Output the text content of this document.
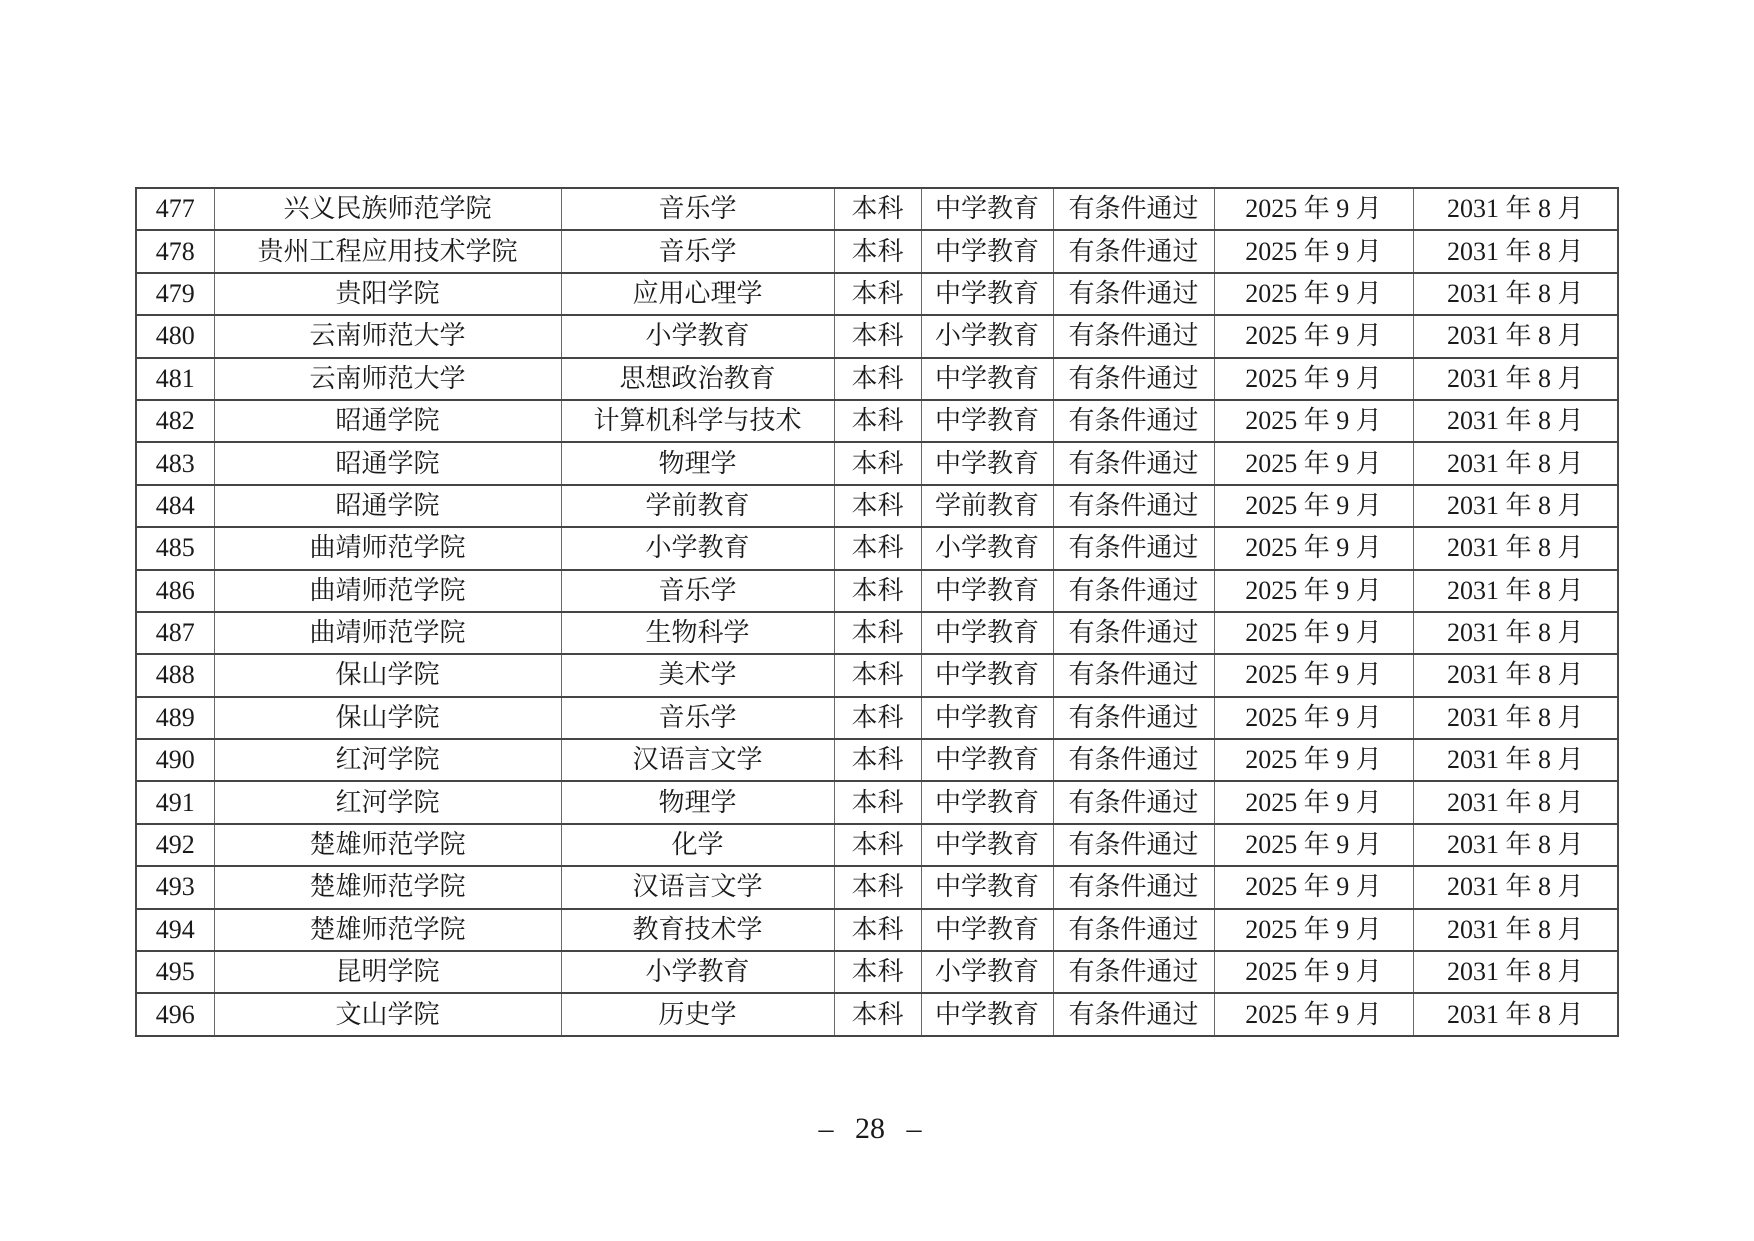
477	兴义民族师范学院	音乐学	本科	中学教育	有条件通过	2025 年 9 月	2031 年 8 月
478	贵州工程应用技术学院	音乐学	本科	中学教育	有条件通过	2025 年 9 月	2031 年 8 月
479	贵阳学院	应用心理学	本科	中学教育	有条件通过	2025 年 9 月	2031 年 8 月
480	云南师范大学	小学教育	本科	小学教育	有条件通过	2025 年 9 月	2031 年 8 月
481	云南师范大学	思想政治教育	本科	中学教育	有条件通过	2025 年 9 月	2031 年 8 月
482	昭通学院	计算机科学与技术	本科	中学教育	有条件通过	2025 年 9 月	2031 年 8 月
483	昭通学院	物理学	本科	中学教育	有条件通过	2025 年 9 月	2031 年 8 月
484	昭通学院	学前教育	本科	学前教育	有条件通过	2025 年 9 月	2031 年 8 月
485	曲靖师范学院	小学教育	本科	小学教育	有条件通过	2025 年 9 月	2031 年 8 月
486	曲靖师范学院	音乐学	本科	中学教育	有条件通过	2025 年 9 月	2031 年 8 月
487	曲靖师范学院	生物科学	本科	中学教育	有条件通过	2025 年 9 月	2031 年 8 月
488	保山学院	美术学	本科	中学教育	有条件通过	2025 年 9 月	2031 年 8 月
489	保山学院	音乐学	本科	中学教育	有条件通过	2025 年 9 月	2031 年 8 月
490	红河学院	汉语言文学	本科	中学教育	有条件通过	2025 年 9 月	2031 年 8 月
491	红河学院	物理学	本科	中学教育	有条件通过	2025 年 9 月	2031 年 8 月
492	楚雄师范学院	化学	本科	中学教育	有条件通过	2025 年 9 月	2031 年 8 月
493	楚雄师范学院	汉语言文学	本科	中学教育	有条件通过	2025 年 9 月	2031 年 8 月
494	楚雄师范学院	教育技术学	本科	中学教育	有条件通过	2025 年 9 月	2031 年 8 月
495	昆明学院	小学教育	本科	小学教育	有条件通过	2025 年 9 月	2031 年 8 月
496	文山学院	历史学	本科	中学教育	有条件通过	2025 年 9 月	2031 年 8 月
– 28 –
